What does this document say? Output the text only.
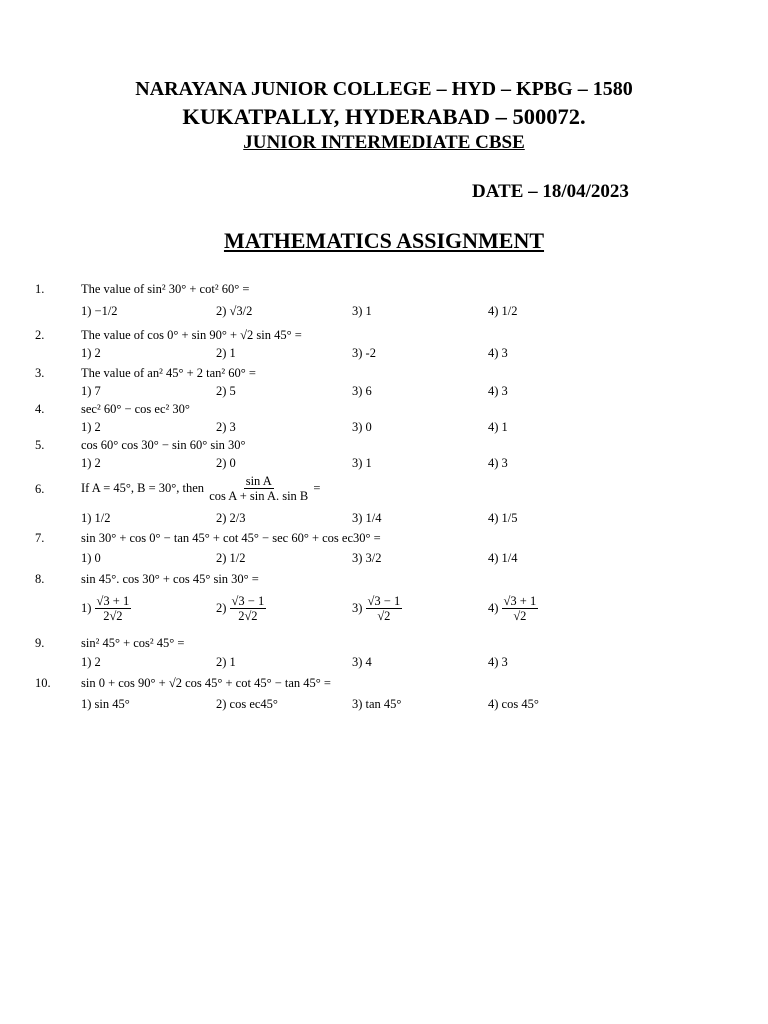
NARAYANA JUNIOR COLLEGE – HYD – KPBG – 1580
KUKATPALLY, HYDERABAD – 500072.
JUNIOR INTERMEDIATE CBSE
DATE – 18/04/2023
MATHEMATICS ASSIGNMENT
1.	The value of sin² 30° + cot² 60° =
1) −1/2	2) √3/2	3) 1	4) 1/2
2.	The value of cos 0° + sin 90° + √2 sin 45° =
1) 2	2) 1	3) -2	4) 3
3.	The value of an² 45° + 2 tan² 60° =
1) 7	2) 5	3) 6	4) 3
4.	sec² 60° − cos ec² 30°
1) 2	2) 3	3) 0	4) 1
5.	cos 60° cos 30° − sin 60° sin 30°
1) 2	2) 0	3) 1	4) 3
6.	If A = 45°, B = 30°, then $\frac{\text{sin A}}{\text{cos A + sin A. sin B}}$ =
1) 1/2	2) 2/3	3) 1/4	4) 1/5
7.	sin 30° + cos 0° − tan 45° + cot 45° − sec 60° + cos ec30° =
1) 0	2) 1/2	3) 3/2	4) 1/4
8.	sin 45°. cos 30° + cos 45° sin 30° =
$1) \frac{√3 + 1}{2√2}$	$2) \frac{√3 - 1}{2√2}$	$3) \frac{√3 - 1}{√2}$	$4) \frac{√3 + 1}{√2}$
9.	sin² 45° + cos² 45° =
1) 2	2) 1	3) 4	4) 3
10. sin 0 + cos 90° + √2 cos 45° + cot 45° − tan 45° =
1) sin 45°	2) cos ec45°	3) tan 45°	4) cos 45°
